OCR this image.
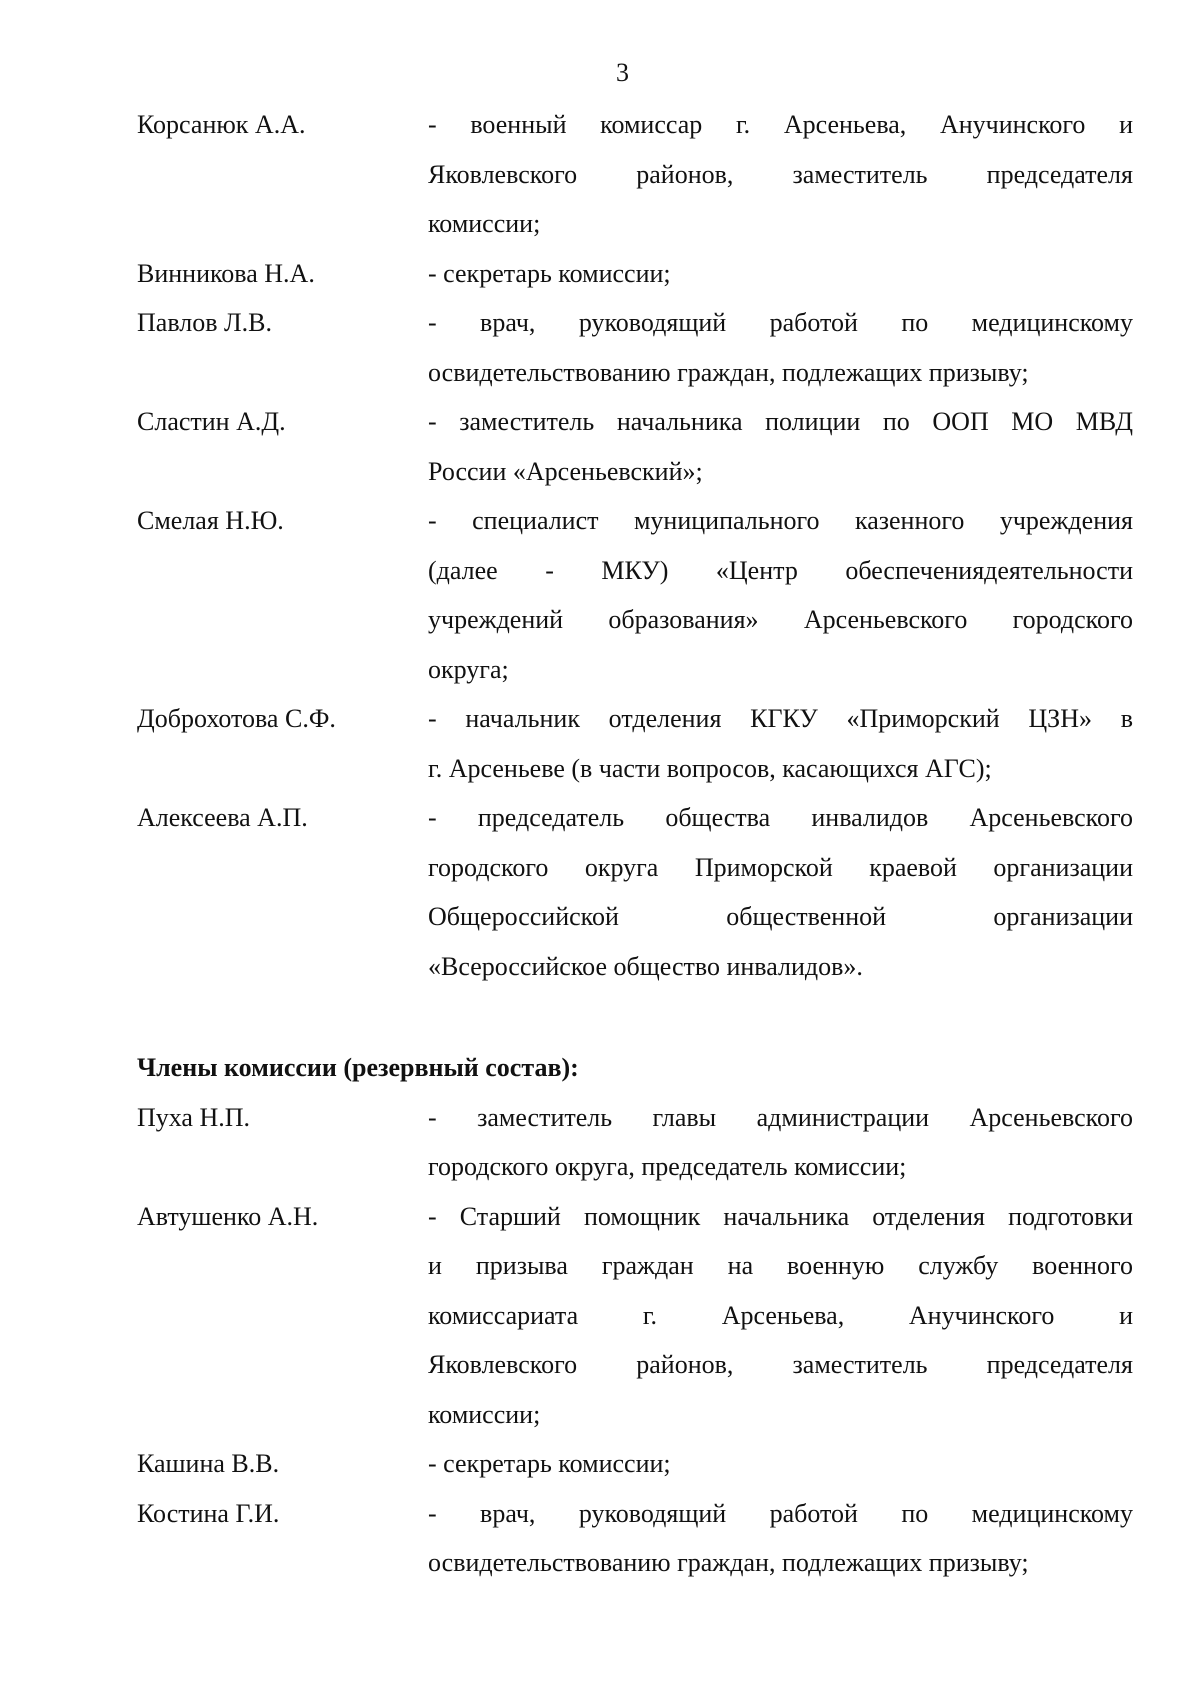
3
Корсанюк А.А.	- военный комиссар г. Арсеньева, Анучинского и
Яковлевского районов, заместитель председателя
комиссии;
Винникова Н.А.	- секретарь комиссии;
Павлов Л.В.	- врач, руководящий работой по медицинскому
освидетельствованию граждан, подлежащих призыву;
Сластин А.Д.	- заместитель начальника полиции по ООП МО МВД
России «Арсеньевский»;
Смелая Н.Ю.	- специалист муниципального казенного учреждения
(далее - МКУ) «Центр обеспечениядеятельности
учреждений образования» Арсеньевского городского
округа;
Доброхотова С.Ф.	- начальник отделения КГКУ «Приморский ЦЗН» в
г. Арсеньеве (в части вопросов, касающихся АГС);
Алексеева А.П.	- председатель общества инвалидов Арсеньевского
городского округа Приморской краевой организации
Общероссийской общественной организации
«Всероссийское общество инвалидов».
Члены комиссии (резервный состав):
Пуха Н.П.	- заместитель главы администрации Арсеньевского
городского округа, председатель комиссии;
Автушенко А.Н.	- Старший помощник начальника отделения подготовки
и призыва граждан на военную службу военного
комиссариата г. Арсеньева, Анучинского и
Яковлевского районов, заместитель председателя
комиссии;
Кашина В.В.	- секретарь комиссии;
Костина Г.И.	- врач, руководящий работой по медицинскому
освидетельствованию граждан, подлежащих призыву;
